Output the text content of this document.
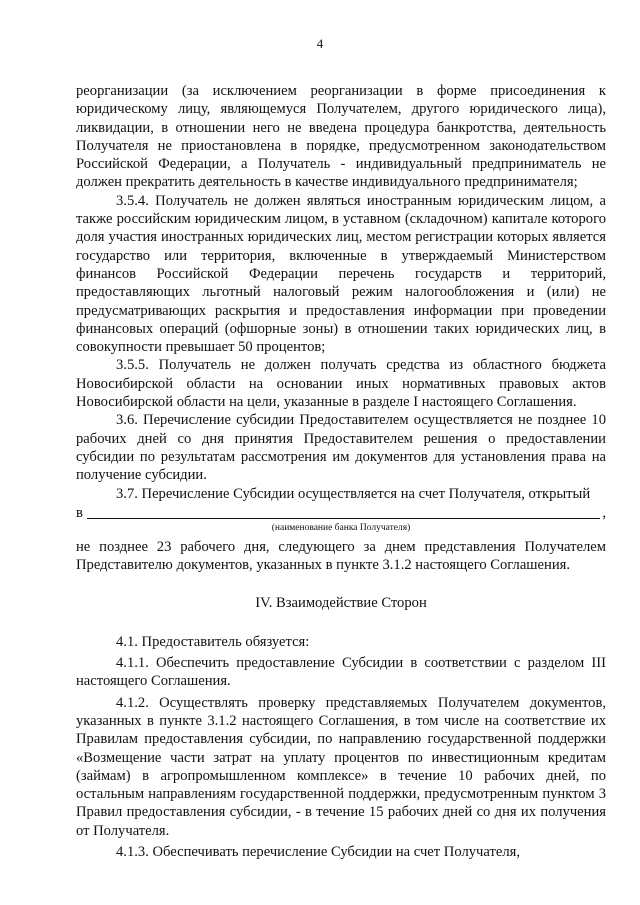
4

реорганизации (за исключением реорганизации в форме присоединения к юридическому лицу, являющемуся Получателем, другого юридического лица), ликвидации, в отношении него не введена процедура банкротства, деятельность Получателя не приостановлена в порядке, предусмотренном законодательством Российской Федерации, а Получатель - индивидуальный предприниматель не должен прекратить деятельность в качестве индивидуального предпринимателя;

3.5.4. Получатель не должен являться иностранным юридическим лицом, а также российским юридическим лицом, в уставном (складочном) капитале которого доля участия иностранных юридических лиц, местом регистрации которых является государство или территория, включенные в утверждаемый Министерством финансов Российской Федерации перечень государств и территорий, предоставляющих льготный налоговый режим налогообложения и (или) не предусматривающих раскрытия и предоставления информации при проведении финансовых операций (офшорные зоны) в отношении таких юридических лиц, в совокупности превышает 50 процентов;

3.5.5. Получатель не должен получать средства из областного бюджета Новосибирской области на основании иных нормативных правовых актов Новосибирской области на цели, указанные в разделе I настоящего Соглашения.

3.6. Перечисление субсидии Предоставителем осуществляется не позднее 10 рабочих дней со дня принятия Предоставителем решения о предоставлении субсидии по результатам рассмотрения им документов для установления права на получение субсидии.

3.7. Перечисление Субсидии осуществляется на счет Получателя, открытый

в	,
(наименование банка Получателя)

не позднее 23 рабочего дня, следующего за днем представления Получателем Представителю документов, указанных в пункте 3.1.2 настоящего Соглашения.

IV. Взаимодействие Сторон

4.1. Предоставитель обязуется:

4.1.1. Обеспечить предоставление Субсидии в соответствии с разделом III настоящего Соглашения.

4.1.2. Осуществлять проверку представляемых Получателем документов, указанных в пункте 3.1.2 настоящего Соглашения, в том числе на соответствие их Правилам предоставления субсидии, по направлению государственной поддержки «Возмещение части затрат на уплату процентов по инвестиционным кредитам (займам) в агропромышленном комплексе» в течение 10 рабочих дней, по остальным направлениям государственной поддержки, предусмотренным пунктом 3 Правил предоставления субсидии, - в течение 15 рабочих дней со дня их получения от Получателя.

4.1.3. Обеспечивать перечисление Субсидии на счет Получателя,
